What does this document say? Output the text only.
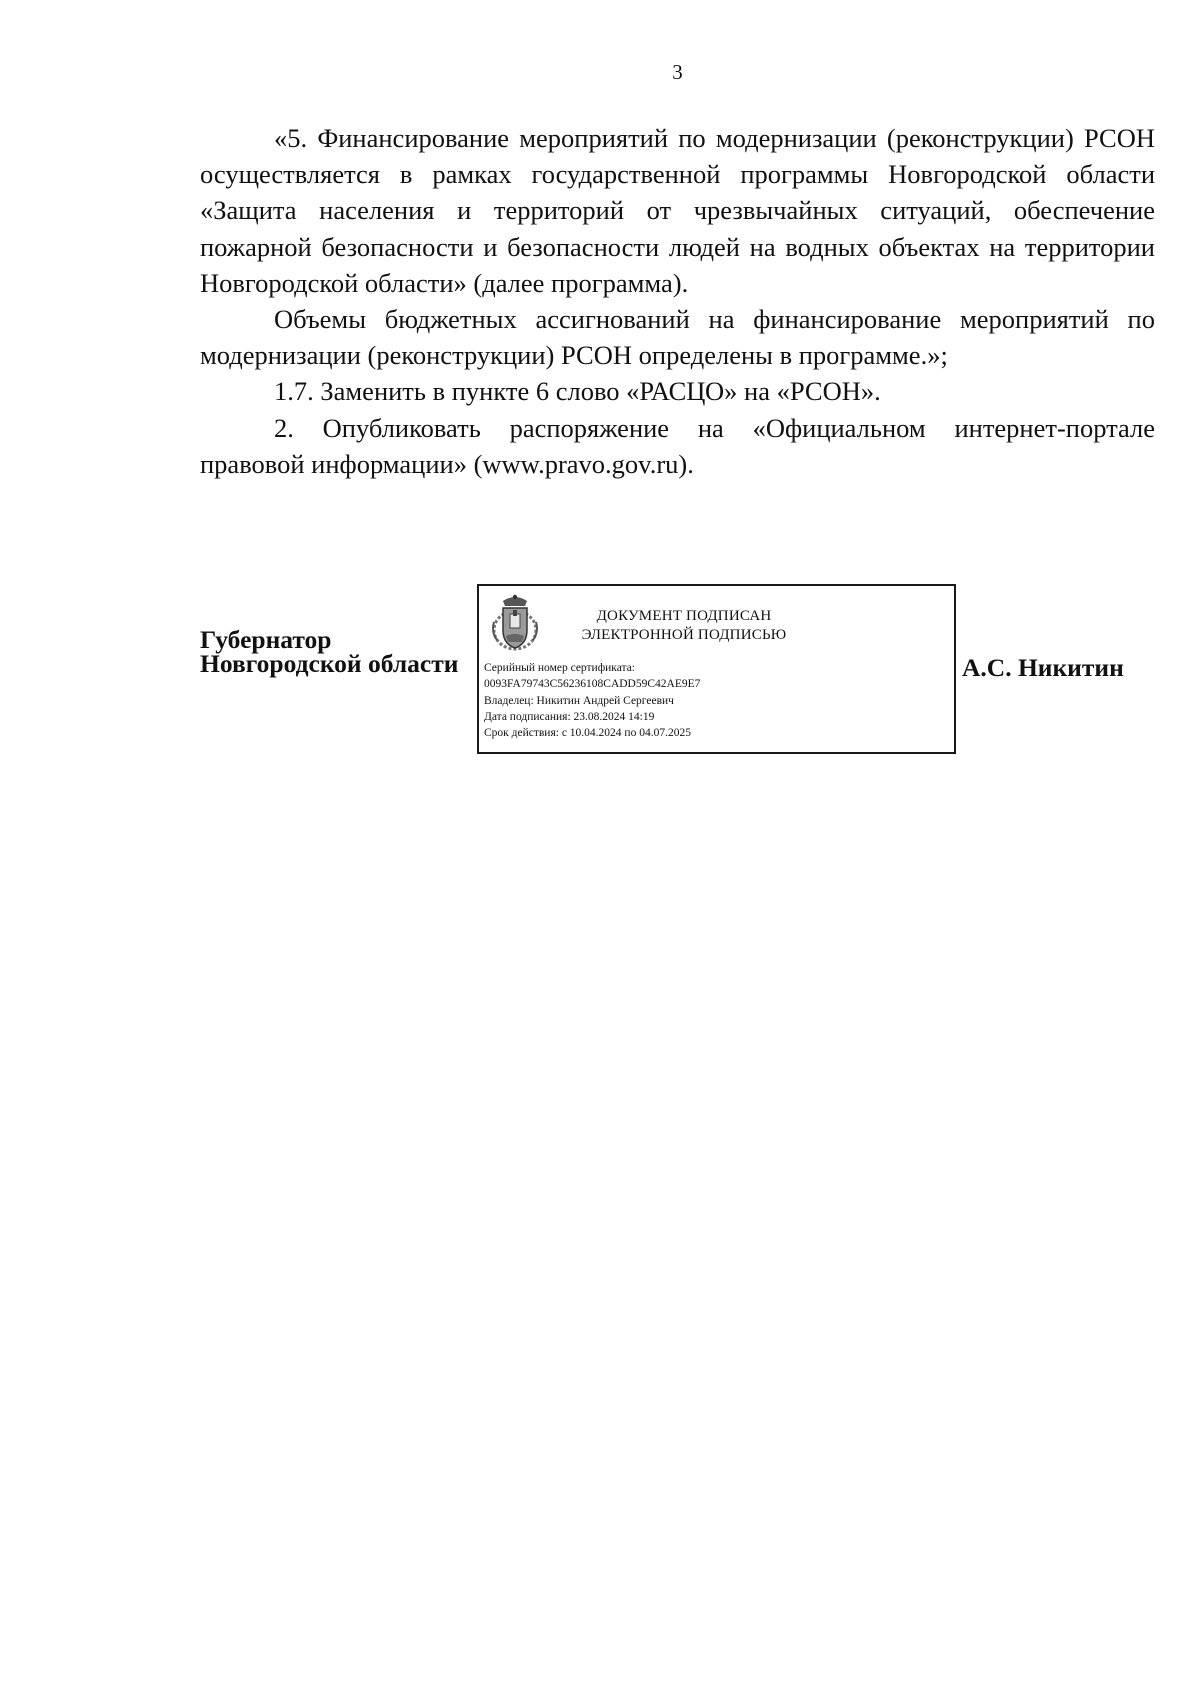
3

«5. Финансирование мероприятий по модернизации (реконструкции) РСОН осуществляется в рамках государственной программы Новгородской области «Защита населения и территорий от чрезвычайных ситуаций, обеспечение пожарной безопасности и безопасности людей на водных объектах на территории Новгородской области» (далее программа).

Объемы бюджетных ассигнований на финансирование мероприятий по модернизации (реконструкции) РСОН определены в программе.»;

1.7. Заменить в пункте 6 слово «РАСЦО» на «РСОН».

2. Опубликовать распоряжение на «Официальном интернет-портале правовой информации» (www.pravo.gov.ru).

Губернатор
Новгородской области
ДОКУМЕНТ ПОДПИСАН
ЭЛЕКТРОННОЙ ПОДПИСЬЮ
Серийный номер сертификата:
0093FA79743C56236108CADD59C42AE9E7
Владелец: Никитин Андрей Сергеевич
Дата подписания: 23.08.2024 14:19
Срок действия: с 10.04.2024 по 04.07.2025
А.С. Никитин
